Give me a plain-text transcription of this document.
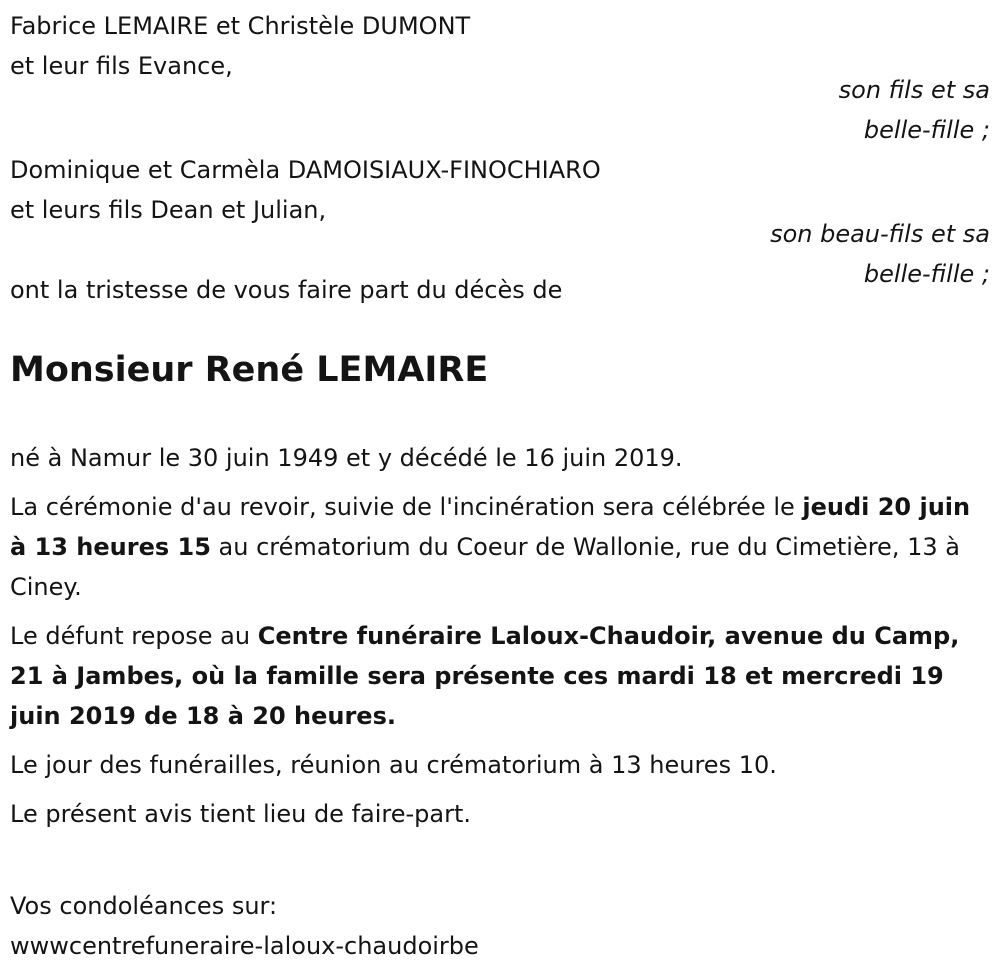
Fabrice LEMAIRE et Christèle DUMONT
et leur fils Evance,
Dominique et Carmèla DAMOISIAUX-FINOCHIARO
et leurs fils Dean et Julian,
ont la tristesse de vous faire part du décès de
son fils et sa
belle-fille ;
son beau-fils et sa
belle-fille ;
Monsieur René LEMAIRE
né à Namur le 30 juin 1949 et y décédé le 16 juin 2019.
La cérémonie d'au revoir, suivie de l'incinération sera célébrée le jeudi 20 juin à 13 heures 15 au crématorium du Coeur de Wallonie, rue du Cimetière, 13 à Ciney.
Le défunt repose au Centre funéraire Laloux-Chaudoir, avenue du Camp, 21 à Jambes, où la famille sera présente ces mardi 18 et mercredi 19 juin 2019 de 18 à 20 heures.
Le jour des funérailles, réunion au crématorium à 13 heures 10.
Le présent avis tient lieu de faire-part.
Vos condoléances sur:
wwwcentrefuneraire-laloux-chaudoirbe
